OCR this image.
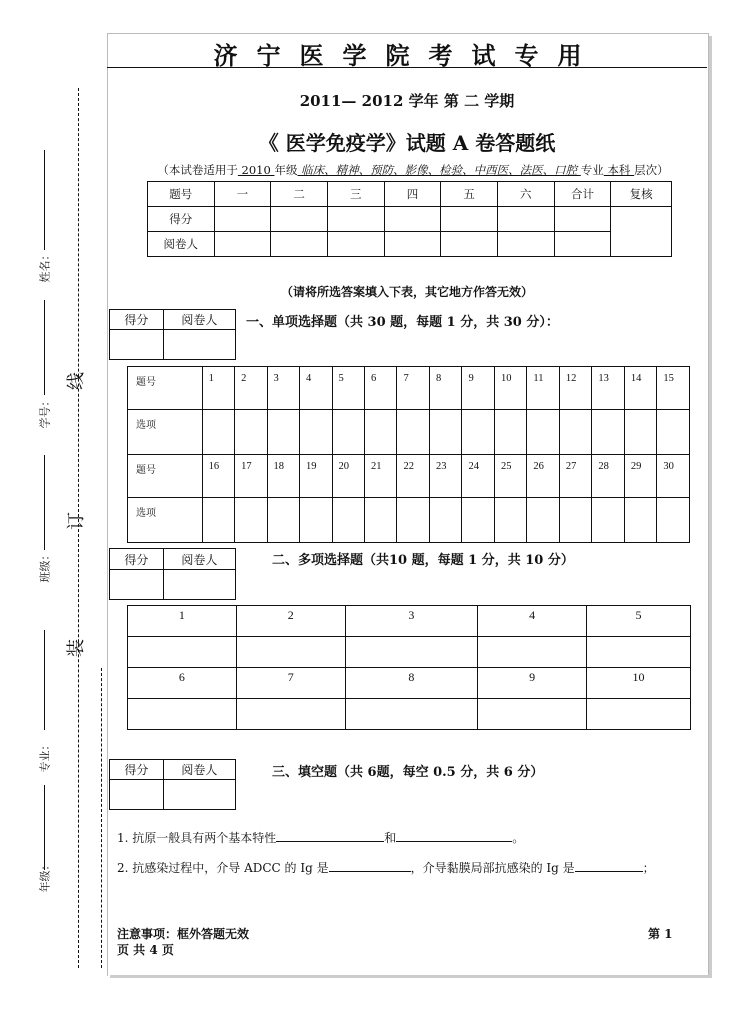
济宁医学院考试专用
2011— 2012 学年 第 二 学期
《 医学免疫学》试题 A 卷答题纸
（本试卷适用于 2010 年级 临床、精神、预防、影像、检验、中西医、法医、口腔 专业 本科 层次）
题号	一	二	三	四	五	六	合计	复核
得分								
阅卷人								
（请将所选答案填入下表，其它地方作答无效）
得分	阅卷人
	一、单项选择题（共 30 题，每题 1 分，共 30 分）：
题号	1	2	3	4	5	6	7	8	9	10	11	12	13	14	15
选项															
题号	16	17	18	19	20	21	22	23	24	25	26	27	28	29	30
选项															
得分	阅卷人
		二、多项选择题（共10 题，每题 1 分，共 10 分）
1	2	3	4	5

6	7	8	9	10

得分	阅卷人
		三、填空题（共 6题，每空 0.5 分，共 6 分）
1. 抗原一般具有两个基本特性	和	。
2. 抗感染过程中，介导 ADCC 的 Ig 是	，介导黏膜局部抗感染的 Ig 是	；
注意事项：框外答题无效	第 1
页 共 4 页
姓名：
学号：
班级：
专业：
年级：
线
订
装
